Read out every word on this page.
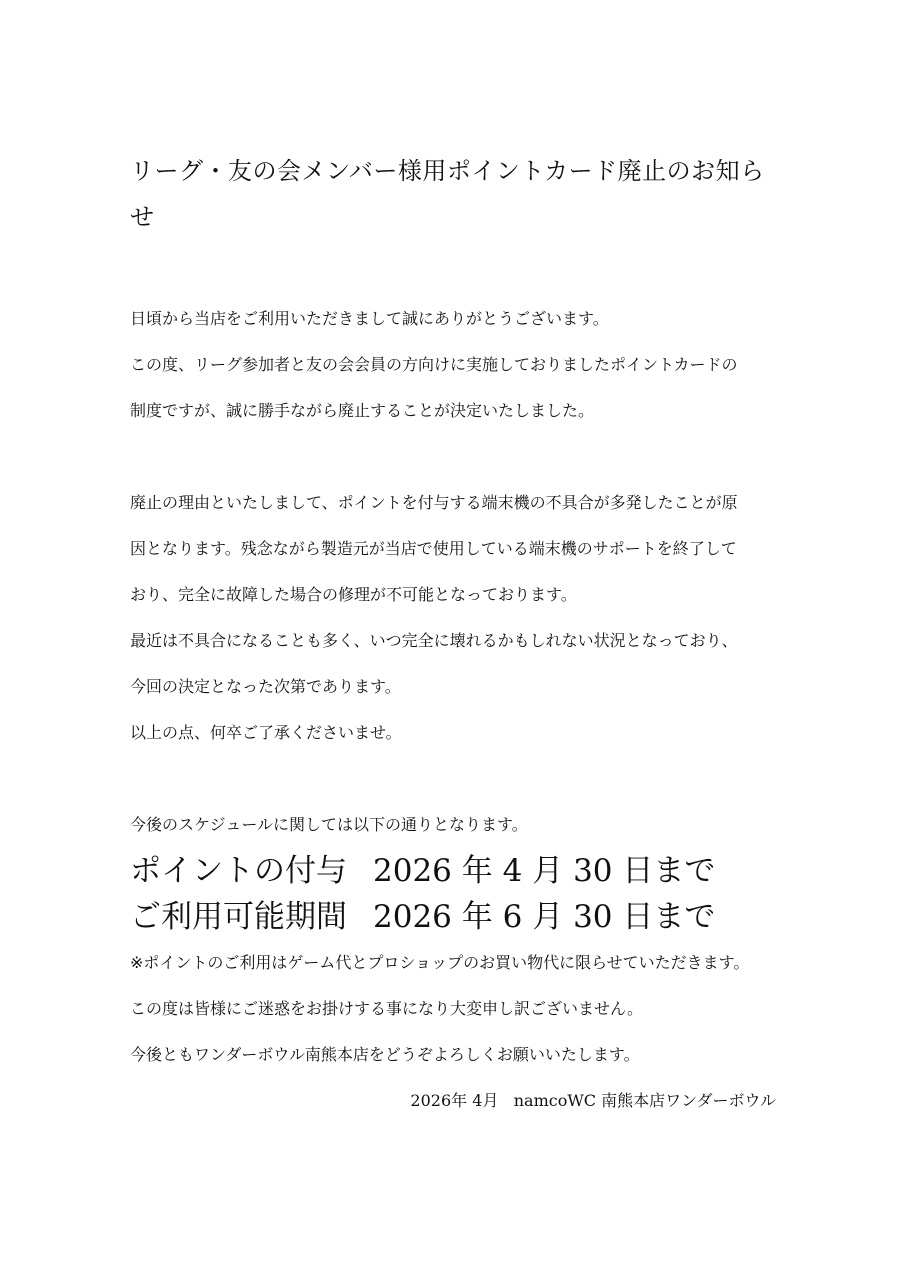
リーグ・友の会メンバー様用ポイントカード廃止のお知らせ

日頃から当店をご利用いただきまして誠にありがとうございます。

この度、リーグ参加者と友の会会員の方向けに実施しておりましたポイントカードの

制度ですが、誠に勝手ながら廃止することが決定いたしました。

廃止の理由といたしまして、ポイントを付与する端末機の不具合が多発したことが原

因となります。残念ながら製造元が当店で使用している端末機のサポートを終了して

おり、完全に故障した場合の修理が不可能となっております。

最近は不具合になることも多く、いつ完全に壊れるかもしれない状況となっており、

今回の決定となった次第であります。

以上の点、何卒ご了承くださいませ。

今後のスケジュールに関しては以下の通りとなります。

ポイントの付与 2026 年 4 月 30 日まで

ご利用可能期間 2026 年 6 月 30 日まで

※ポイントのご利用はゲーム代とプロショップのお買い物代に限らせていただきます。

この度は皆様にご迷惑をお掛けする事になり大変申し訳ございません。

今後ともワンダーボウル南熊本店をどうぞよろしくお願いいたします。

2026年 4月 namcoWC 南熊本店ワンダーボウル
